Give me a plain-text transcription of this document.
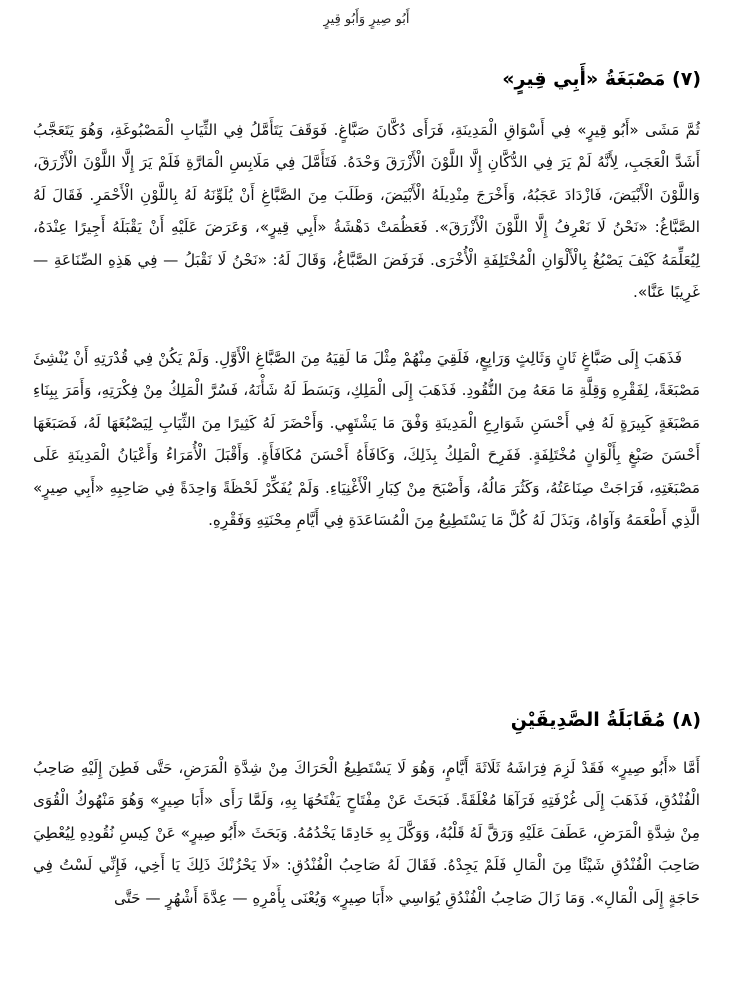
أَبُو صِيرٍ وَأَبُو قِيرٍ
(٧) مَصْبَغَةُ «أَبِي قِيرٍ»

ثُمَّ مَشَى «أَبُو قِيرٍ» فِي أَسْوَاقِ الْمَدِينَةِ، فَرَأَى دُكَّانَ صَبَّاغٍ. فَوَقَفَ يَتَأَمَّلُ فِي الثِّيَابِ الْمَصْبُوغَةِ، وَهُوَ يَتَعَجَّبُ أَشَدَّ الْعَجَبِ، لِأَنَّهُ لَمْ يَرَ فِي الدُّكَّانِ إِلَّا اللَّوْنَ الْأَزْرَقَ وَحْدَهُ. فَتَأَمَّلَ فِي مَلَابِسِ الْمَارَّةِ فَلَمْ يَرَ إِلَّا اللَّوْنَ الْأَزْرَقَ، وَاللَّوْنَ الْأَبْيَضَ، فَازْدَادَ عَجَبُهُ، وَأَخْرَجَ مِنْدِيلَهُ الْأَبْيَضَ، وَطَلَبَ مِنَ الصَّبَّاغِ أَنْ يُلَوِّنَهُ لَهُ بِاللَّوْنِ الْأَحْمَرِ. فَقَالَ لَهُ الصَّبَّاغُ: «نَحْنُ لَا نَعْرِفُ إِلَّا اللَّوْنَ الْأَزْرَقَ». فَعَظُمَتْ دَهْشَةُ «أَبِي قِيرٍ»، وَعَرَضَ عَلَيْهِ أَنْ يَقْبَلَهُ أَجِيرًا عِنْدَهُ، لِيُعَلِّمَهُ كَيْفَ يَصْبُغُ بِالْأَلْوَانِ الْمُخْتَلِفَةِ الْأُخْرَى. فَرَفَضَ الصَّبَّاغُ، وَقَالَ لَهُ: «نَحْنُ لَا نَقْبَلُ — فِي هَذِهِ الصِّنَاعَةِ — غَرِيبًا عَنَّا».

فَذَهَبَ إِلَى صَبَّاغٍ ثَانٍ وَثَالِثٍ وَرَابِعٍ، فَلَقِيَ مِنْهُمْ مِثْلَ مَا لَقِيَهُ مِنَ الصَّبَّاغِ الْأَوَّلِ. وَلَمْ يَكُنْ فِي قُدْرَتِهِ أَنْ يُنْشِئَ مَصْبَغَةً، لِفَقْرِهِ وَقِلَّةِ مَا مَعَهُ مِنَ النُّقُودِ. فَذَهَبَ إِلَى الْمَلِكِ، وَبَسَطَ لَهُ شَأْنَهُ، فَسُرَّ الْمَلِكُ مِنْ فِكْرَتِهِ، وَأَمَرَ بِبِنَاءِ مَصْبَغَةٍ كَبِيرَةٍ لَهُ فِي أَحْسَنِ شَوَارِعِ الْمَدِينَةِ وَفْقَ مَا يَشْتَهِي. وَأَحْضَرَ لَهُ كَثِيرًا مِنَ الثِّيَابِ لِيَصْبُغَهَا لَهُ، فَصَبَغَهَا أَحْسَنَ صَبْغٍ بِأَلْوَانٍ مُخْتَلِفَةٍ. فَفَرِحَ الْمَلِكُ بِذَلِكَ، وَكَافَأَهُ أَحْسَنَ مُكَافَأَةٍ. وَأَقْبَلَ الْأُمَرَاءُ وَأَعْيَانُ الْمَدِينَةِ عَلَى مَصْبَغَتِهِ، فَرَاجَتْ صِنَاعَتُهُ، وَكَثُرَ مَالُهُ، وَأَصْبَحَ مِنْ كِبَارِ الْأَغْنِيَاءِ. وَلَمْ يُفَكِّرْ لَحْظَةً وَاحِدَةً فِي صَاحِبِهِ «أَبِي صِيرٍ» الَّذِي أَطْعَمَهُ وَآوَاهُ، وَبَذَلَ لَهُ كُلَّ مَا يَسْتَطِيعُ مِنَ الْمُسَاعَدَةِ فِي أَيَّامِ مِحْنَتِهِ وَفَقْرِهِ.

(٨) مُقَابَلَةُ الصَّدِيقَيْنِ

أَمَّا «أَبُو صِيرٍ» فَقَدْ لَزِمَ فِرَاشَهُ ثَلَاثَةَ أَيَّامٍ، وَهُوَ لَا يَسْتَطِيعُ الْحَرَاكَ مِنْ شِدَّةِ الْمَرَضِ، حَتَّى فَطِنَ إِلَيْهِ صَاحِبُ الْفُنْدُقِ، فَذَهَبَ إِلَى غُرْفَتِهِ فَرَآهَا مُغْلَقَةً. فَبَحَثَ عَنْ مِفْتَاحٍ يَفْتَحُهَا بِهِ، وَلَمَّا رَأَى «أَبَا صِيرٍ» وَهُوَ مَنْهُوكُ الْقُوَى مِنْ شِدَّةِ الْمَرَضِ، عَطَفَ عَلَيْهِ وَرَقَّ لَهُ قَلْبُهُ، وَوَكَّلَ بِهِ خَادِمًا يَخْدُمُهُ. وَبَحَثَ «أَبُو صِيرٍ» عَنْ كِيسِ نُقُودِهِ لِيُعْطِيَ صَاحِبَ الْفُنْدُقِ شَيْئًا مِنَ الْمَالِ فَلَمْ يَجِدْهُ. فَقَالَ لَهُ صَاحِبُ الْفُنْدُقِ: «لَا يَحْزُنْكَ ذَلِكَ يَا أَخِي، فَإِنِّي لَسْتُ فِي حَاجَةٍ إِلَى الْمَالِ». وَمَا زَالَ صَاحِبُ الْفُنْدُقِ يُوَاسِي «أَبَا صِيرٍ» وَيُعْنَى بِأَمْرِهِ — عِدَّةَ أَشْهُرٍ — حَتَّى
